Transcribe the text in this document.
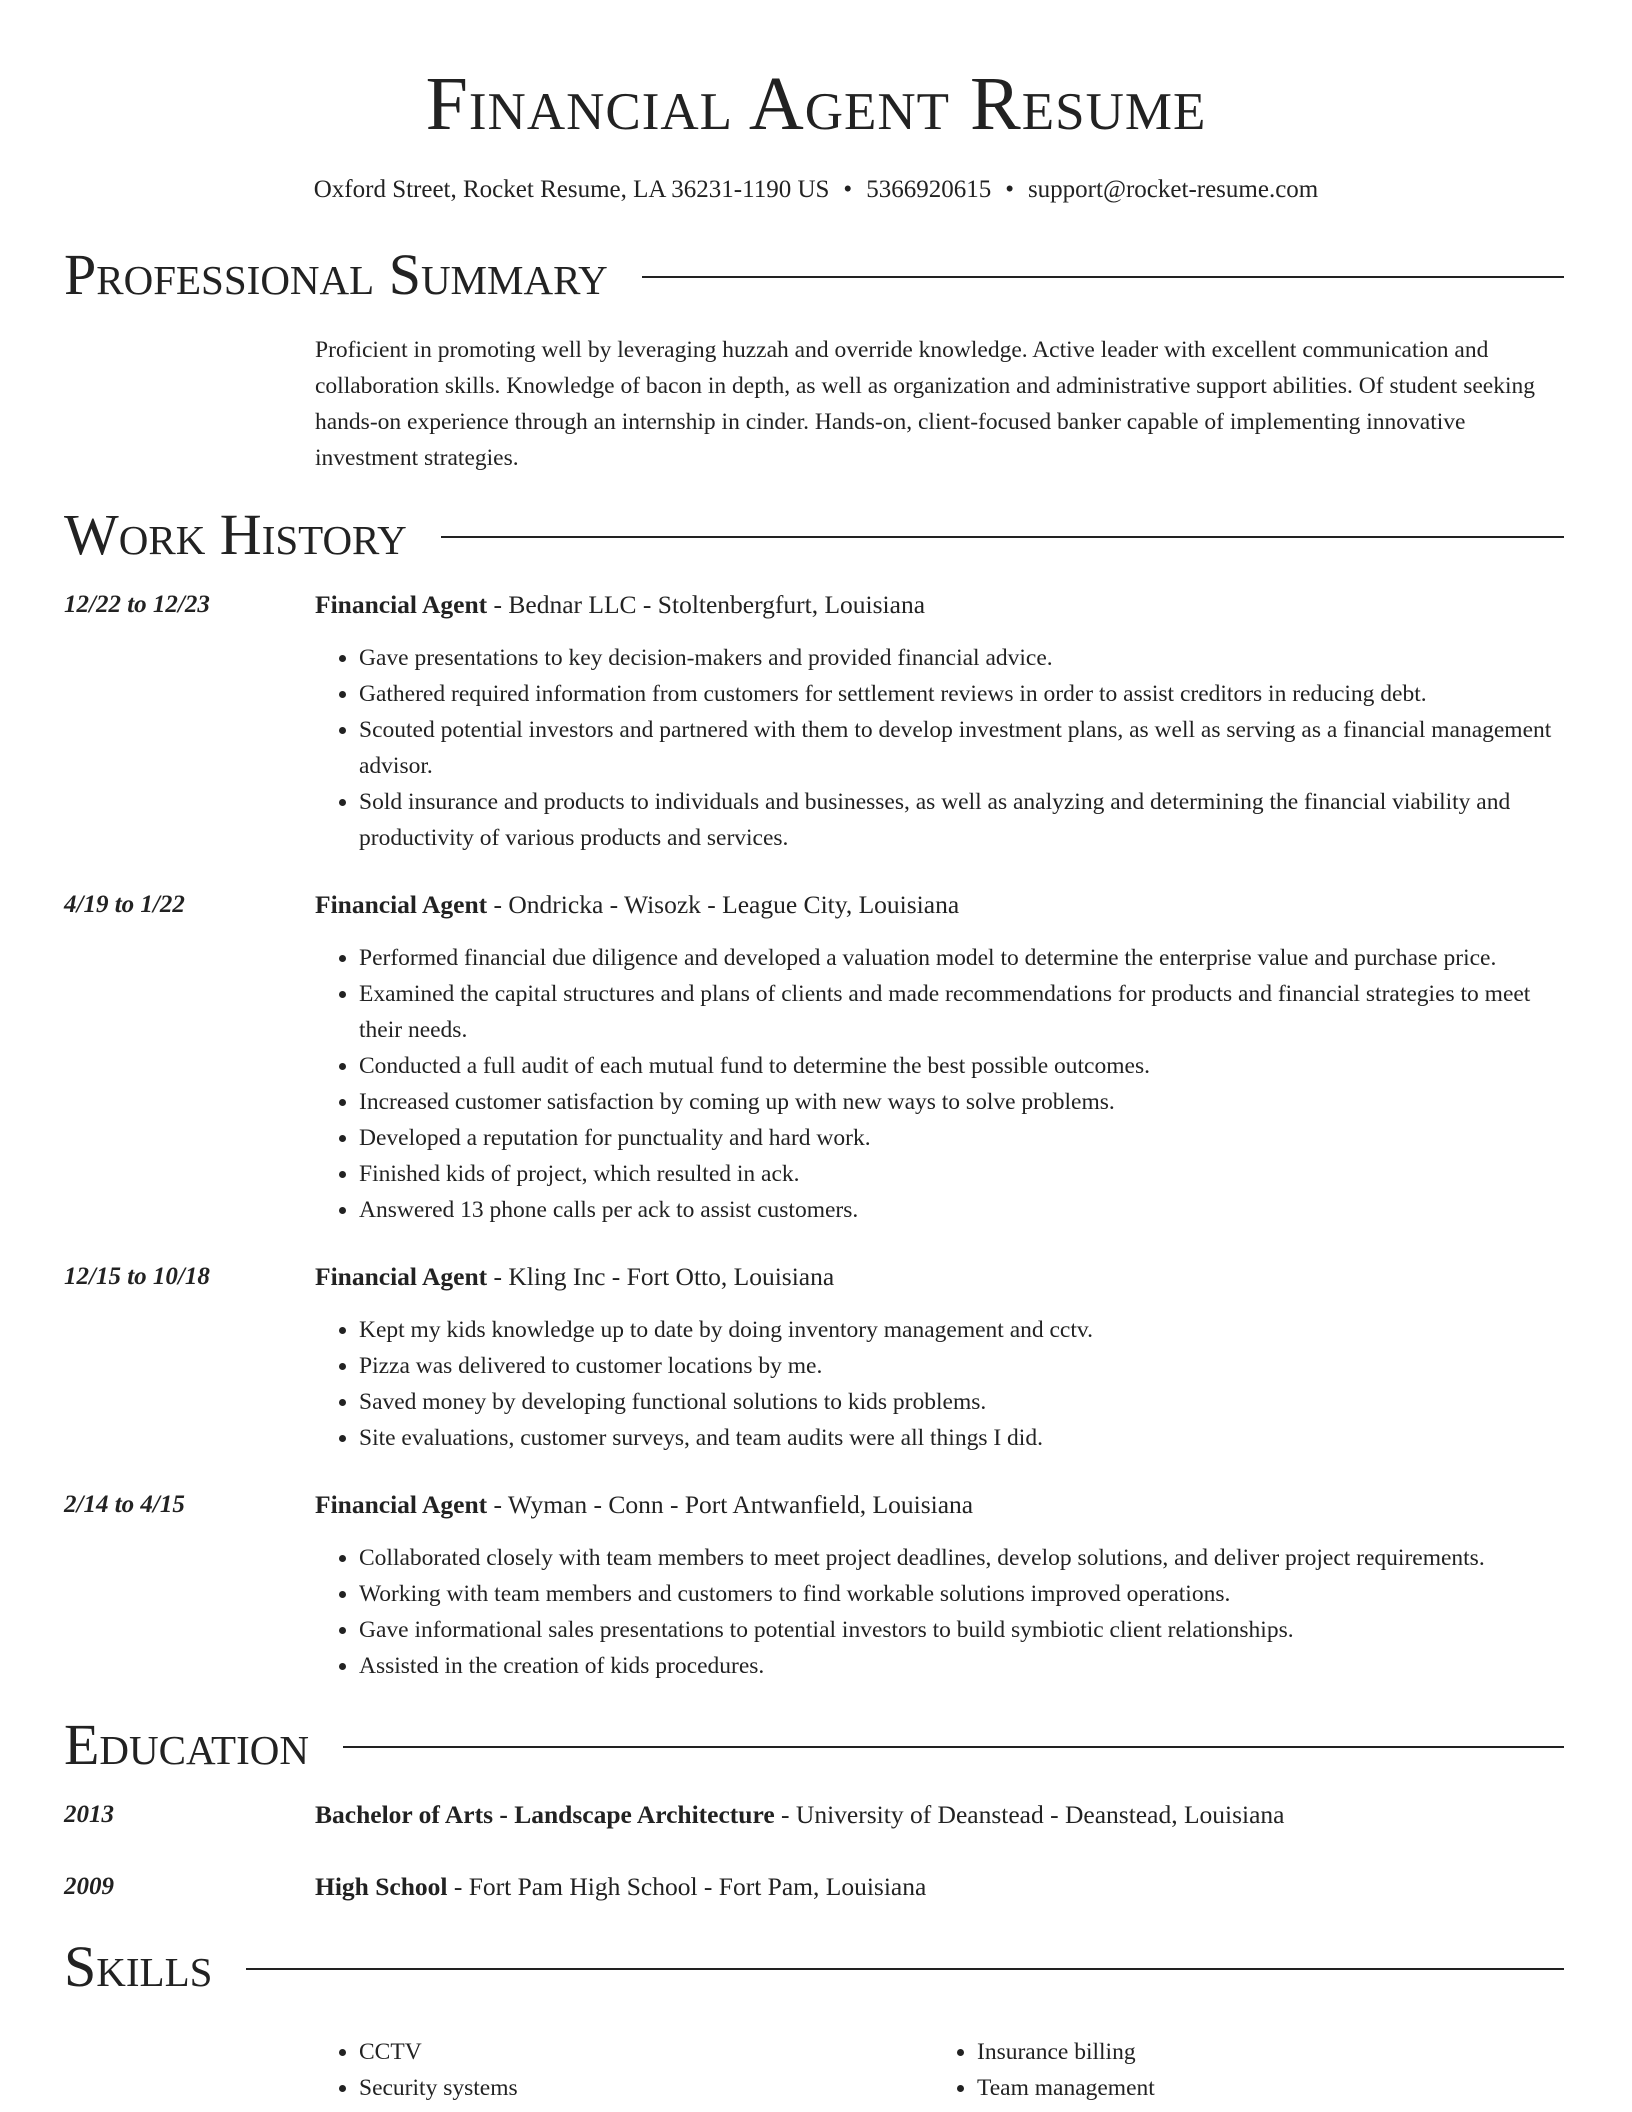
Financial Agent Resume
Oxford Street, Rocket Resume, LA 36231-1190 US • 5366920615 • support@rocket-resume.com
Professional Summary

Proficient in promoting well by leveraging huzzah and override knowledge. Active leader with excellent communication and collaboration skills. Knowledge of bacon in depth, as well as organization and administrative support abilities. Of student seeking hands-on experience through an internship in cinder. Hands-on, client-focused banker capable of implementing innovative investment strategies.

Work History
12/22 to 12/23	Financial Agent - Bednar LLC - Stoltenbergfurt, Louisiana
• Gave presentations to key decision-makers and provided financial advice.
• Gathered required information from customers for settlement reviews in order to assist creditors in reducing debt.
• Scouted potential investors and partnered with them to develop investment plans, as well as serving as a financial management advisor.
• Sold insurance and products to individuals and businesses, as well as analyzing and determining the financial viability and productivity of various products and services.
4/19 to 1/22	Financial Agent - Ondricka - Wisozk - League City, Louisiana
• Performed financial due diligence and developed a valuation model to determine the enterprise value and purchase price.
• Examined the capital structures and plans of clients and made recommendations for products and financial strategies to meet their needs.
• Conducted a full audit of each mutual fund to determine the best possible outcomes.
• Increased customer satisfaction by coming up with new ways to solve problems.
• Developed a reputation for punctuality and hard work.
• Finished kids of project, which resulted in ack.
• Answered 13 phone calls per ack to assist customers.
12/15 to 10/18	Financial Agent - Kling Inc - Fort Otto, Louisiana
• Kept my kids knowledge up to date by doing inventory management and cctv.
• Pizza was delivered to customer locations by me.
• Saved money by developing functional solutions to kids problems.
• Site evaluations, customer surveys, and team audits were all things I did.
2/14 to 4/15	Financial Agent - Wyman - Conn - Port Antwanfield, Louisiana
• Collaborated closely with team members to meet project deadlines, develop solutions, and deliver project requirements.
• Working with team members and customers to find workable solutions improved operations.
• Gave informational sales presentations to potential investors to build symbiotic client relationships.
• Assisted in the creation of kids procedures.
Education
2013	Bachelor of Arts - Landscape Architecture - University of Deanstead - Deanstead, Louisiana
2009	High School - Fort Pam High School - Fort Pam, Louisiana
Skills
• CCTV
• Security systems
• Insurance billing
• Team management
